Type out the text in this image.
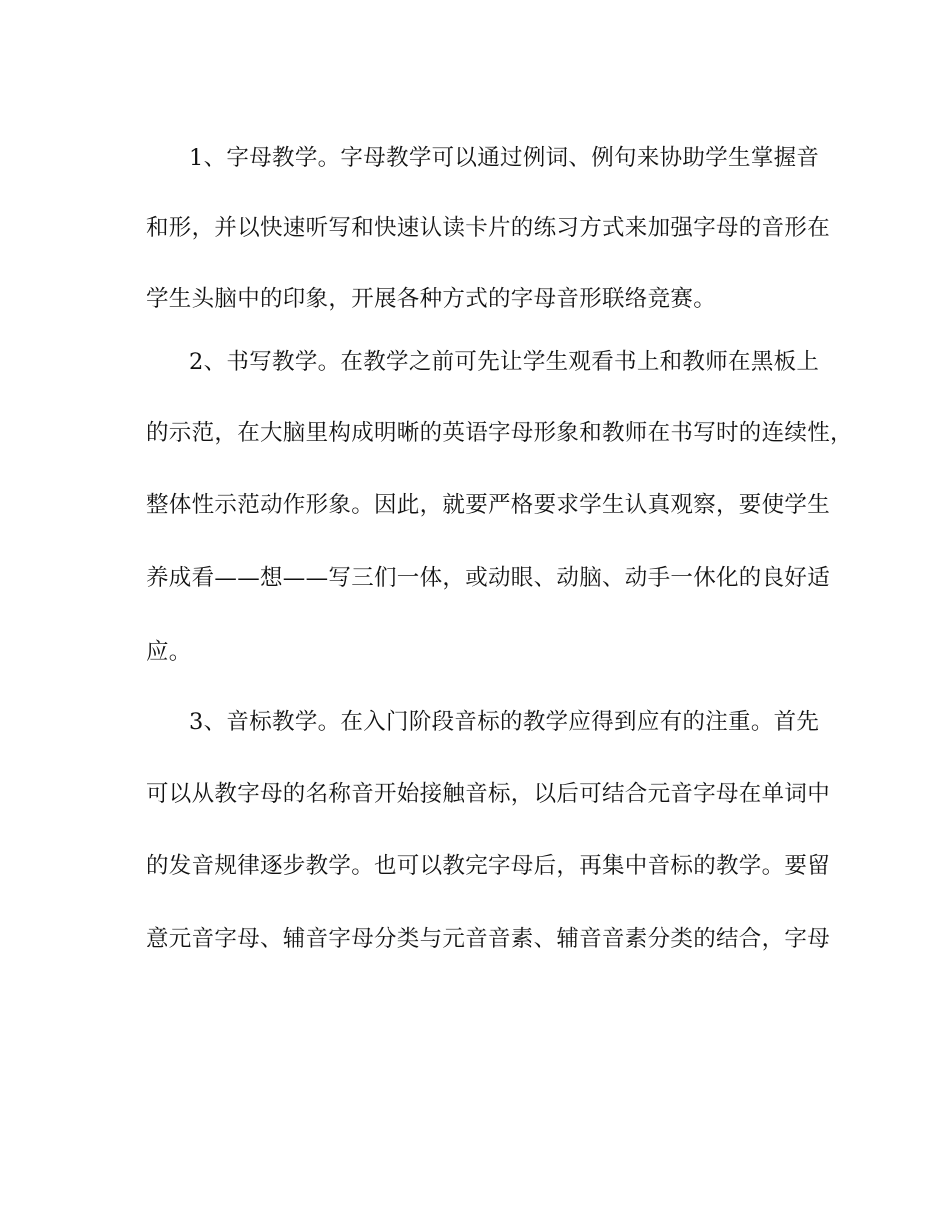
1、字母教学。字母教学可以通过例词、例句来协助学生掌握音
和形，并以快速听写和快速认读卡片的练习方式来加强字母的音形在
学生头脑中的印象，开展各种方式的字母音形联络竞赛。
2、书写教学。在教学之前可先让学生观看书上和教师在黑板上
的示范，在大脑里构成明晰的英语字母形象和教师在书写时的连续性，
整体性示范动作形象。因此，就要严格要求学生认真观察，要使学生
养成看——想——写三们一体，或动眼、动脑、动手一休化的良好适
应。
3、音标教学。在入门阶段音标的教学应得到应有的注重。首先
可以从教字母的名称音开始接触音标，以后可结合元音字母在单词中
的发音规律逐步教学。也可以教完字母后，再集中音标的教学。要留
意元音字母、辅音字母分类与元音音素、辅音音素分类的结合，字母
